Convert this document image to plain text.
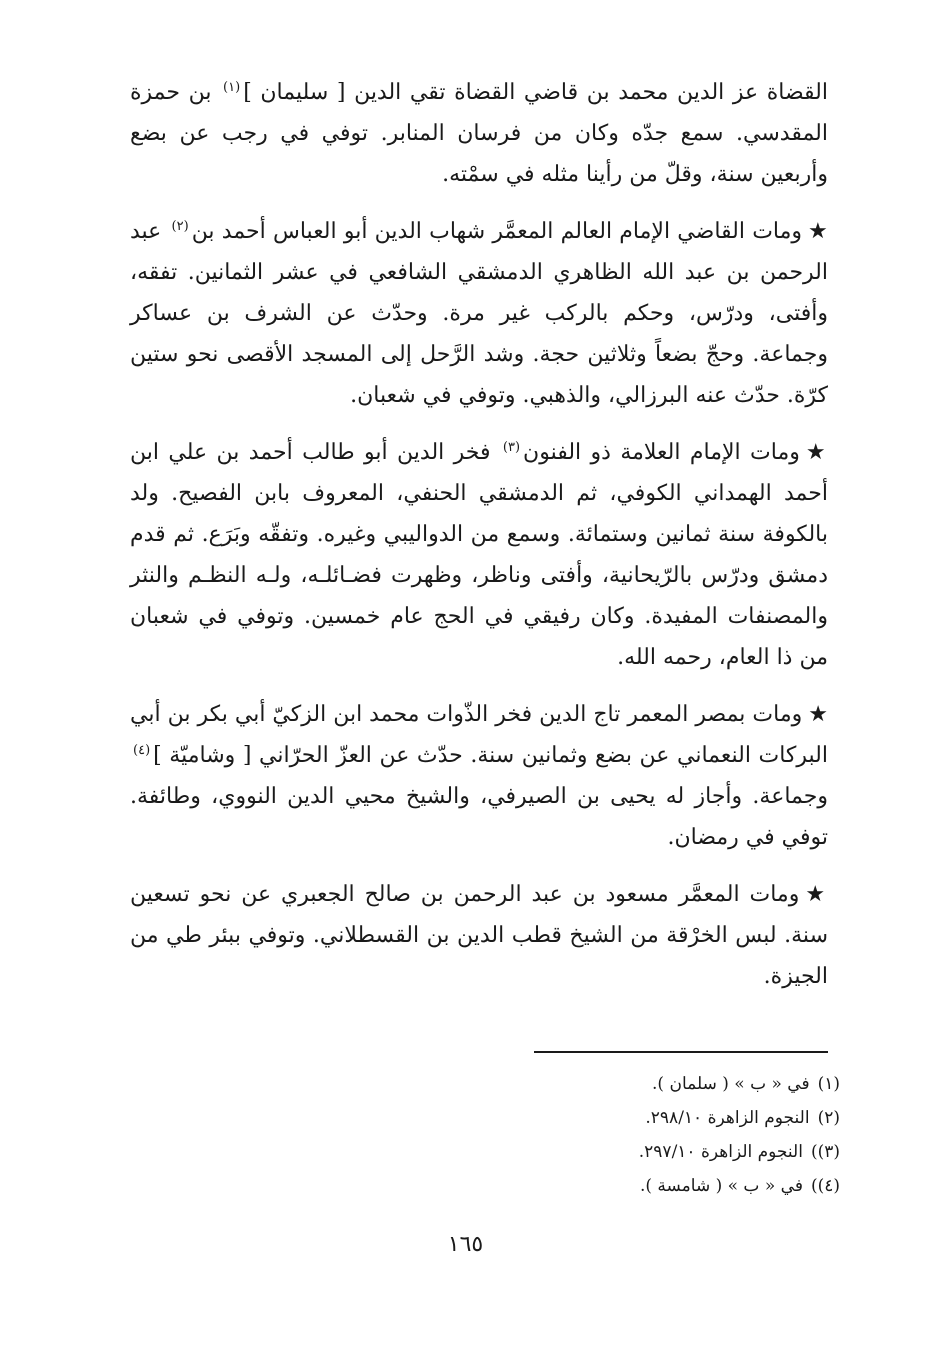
القضاة عز الدين محمد بن قاضي القضاة تقي الدين [ سليمان ]$^{(١)}$ بن حمزة المقدسي. سمع جدّه وكان من فرسان المنابر. توفي في رجب عن بضع وأربعين سنة، وقلّ من رأينا مثله في سمْته.

★ومات القاضي الإمام العالم المعمَّر شهاب الدين أبو العباس أحمد بن$^{(٢)}$ عبد الرحمن بن عبد الله الظاهري الدمشقي الشافعي في عشر الثمانين. تفقه، وأفتى، ودرّس، وحكم بالركب غير مرة. وحدّث عن الشرف بن عساكر وجماعة. وحجّ بضعاً وثلاثين حجة. وشد الرَّحل إلى المسجد الأقصى نحو ستين كرّة. حدّث عنه البرزالي، والذهبي. وتوفي في شعبان.

★ومات الإمام العلامة ذو الفنون$^{(٣)}$ فخر الدين أبو طالب أحمد بن علي ابن أحمد الهمداني الكوفي، ثم الدمشقي الحنفي، المعروف بابن الفصيح. ولد بالكوفة سنة ثمانين وستمائة. وسمع من الدواليبي وغيره. وتفقّه وبَرَع. ثم قدم دمشق ودرّس بالرّيحانية، وأفتى وناظر، وظهرت فضـائلـه، ولـه النظـم والنثر والمصنفات المفيدة. وكان رفيقي في الحج عام خمسين. وتوفي في شعبان من ذا العام، رحمه الله.

★ومات بمصر المعمر تاج الدين فخر الذّوات محمد ابن الزكيّ أبي بكر بن أبي البركات النعماني عن بضع وثمانين سنة. حدّث عن العزّ الحرّاني [ وشاميّة ]$^{(٤)}$ وجماعة. وأجاز له يحيى بن الصيرفي، والشيخ محيي الدين النووي، وطائفة. توفي في رمضان.

★ومات المعمَّر مسعود بن عبد الرحمن بن صالح الجعبري عن نحو تسعين سنة. لبس الخرْقة من الشيخ قطب الدين بن القسطلاني. وتوفي ببئر طي من الجيزة.

(١)في « ب » ( سلمان ).

(٢)النجوم الزاهرة ٢٩٨/١٠.

(٣))النجوم الزاهرة ٢٩٧/١٠.

(٤))في « ب » ( شامسة ).

١٦٥
